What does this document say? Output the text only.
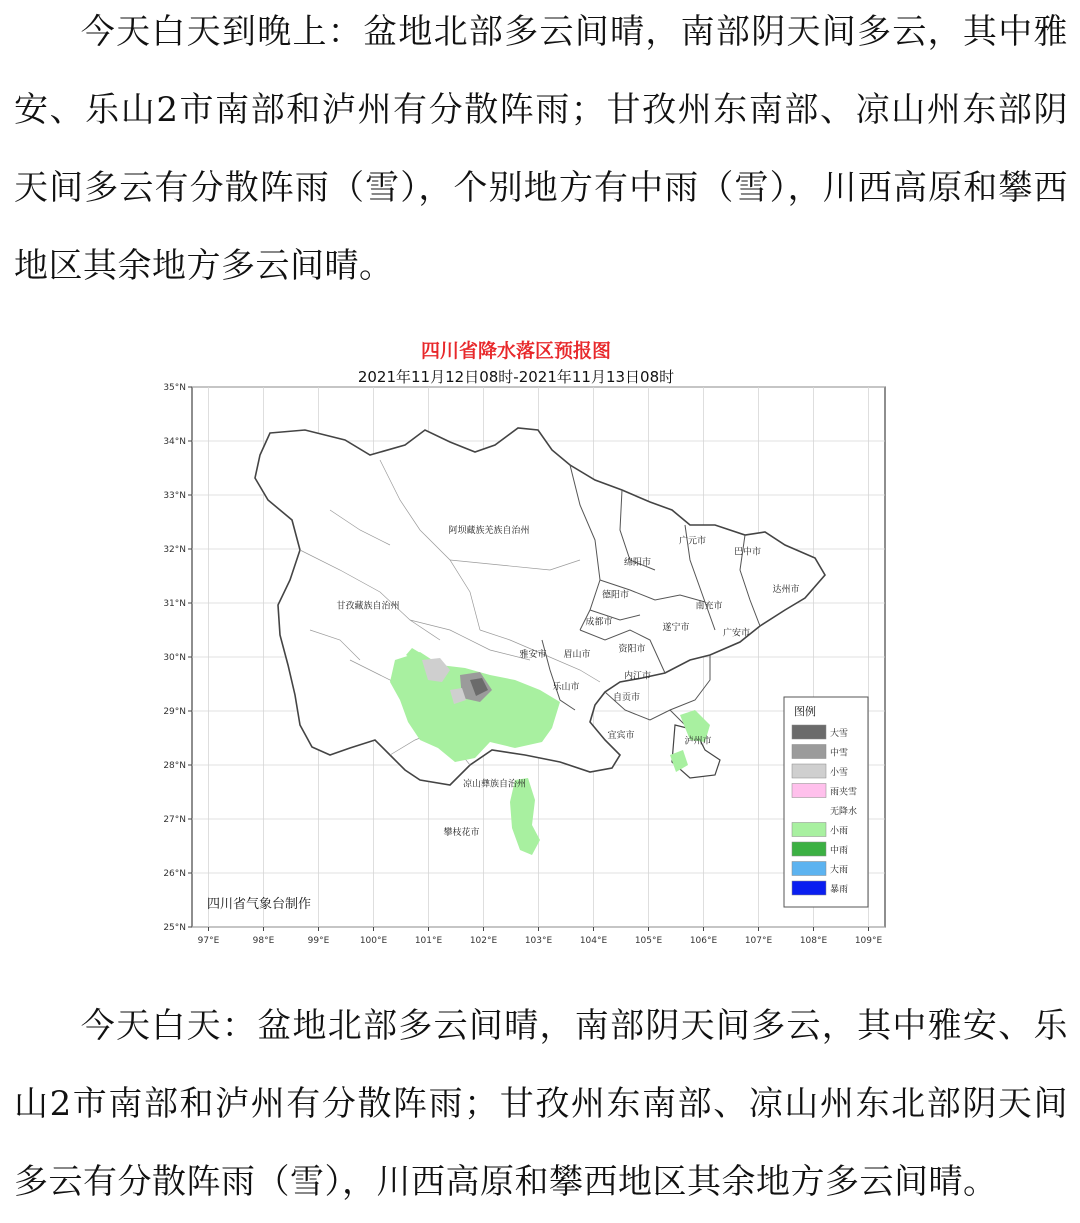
今天白天到晚上：盆地北部多云间晴，南部阴天间多云，其中雅安、乐山2市南部和泸州有分散阵雨；甘孜州东南部、凉山州东部阴天间多云有分散阵雨（雪），个别地方有中雨（雪），川西高原和攀西地区其余地方多云间晴。

四川省降水落区预报图
2021年11月12日08时-2021年11月13日08时
97°E	98°E	99°E	100°E	101°E	102°E	103°E	104°E	105°E	106°E	107°E	108°E	109°E
35°N
34°N
33°N
32°N
31°N
30°N
29°N
28°N
27°N
26°N
25°N
阿坝藏族羌族自治州
甘孜藏族自治州
广元市
巴中市
绵阳市
达州市
南充市
德阳市
成都市
遂宁市
广安市
资阳市
眉山市
雅安市
内江市
乐山市
自贡市
宜宾市
泸州市
凉山彝族自治州
攀枝花市
四川省气象台制作
图例
大雪
中雪
小雪
雨夹雪
无降水
小雨
中雨
大雨
暴雨

今天白天：盆地北部多云间晴，南部阴天间多云，其中雅安、乐山2市南部和泸州有分散阵雨；甘孜州东南部、凉山州东北部阴天间多云有分散阵雨（雪），川西高原和攀西地区其余地方多云间晴。
